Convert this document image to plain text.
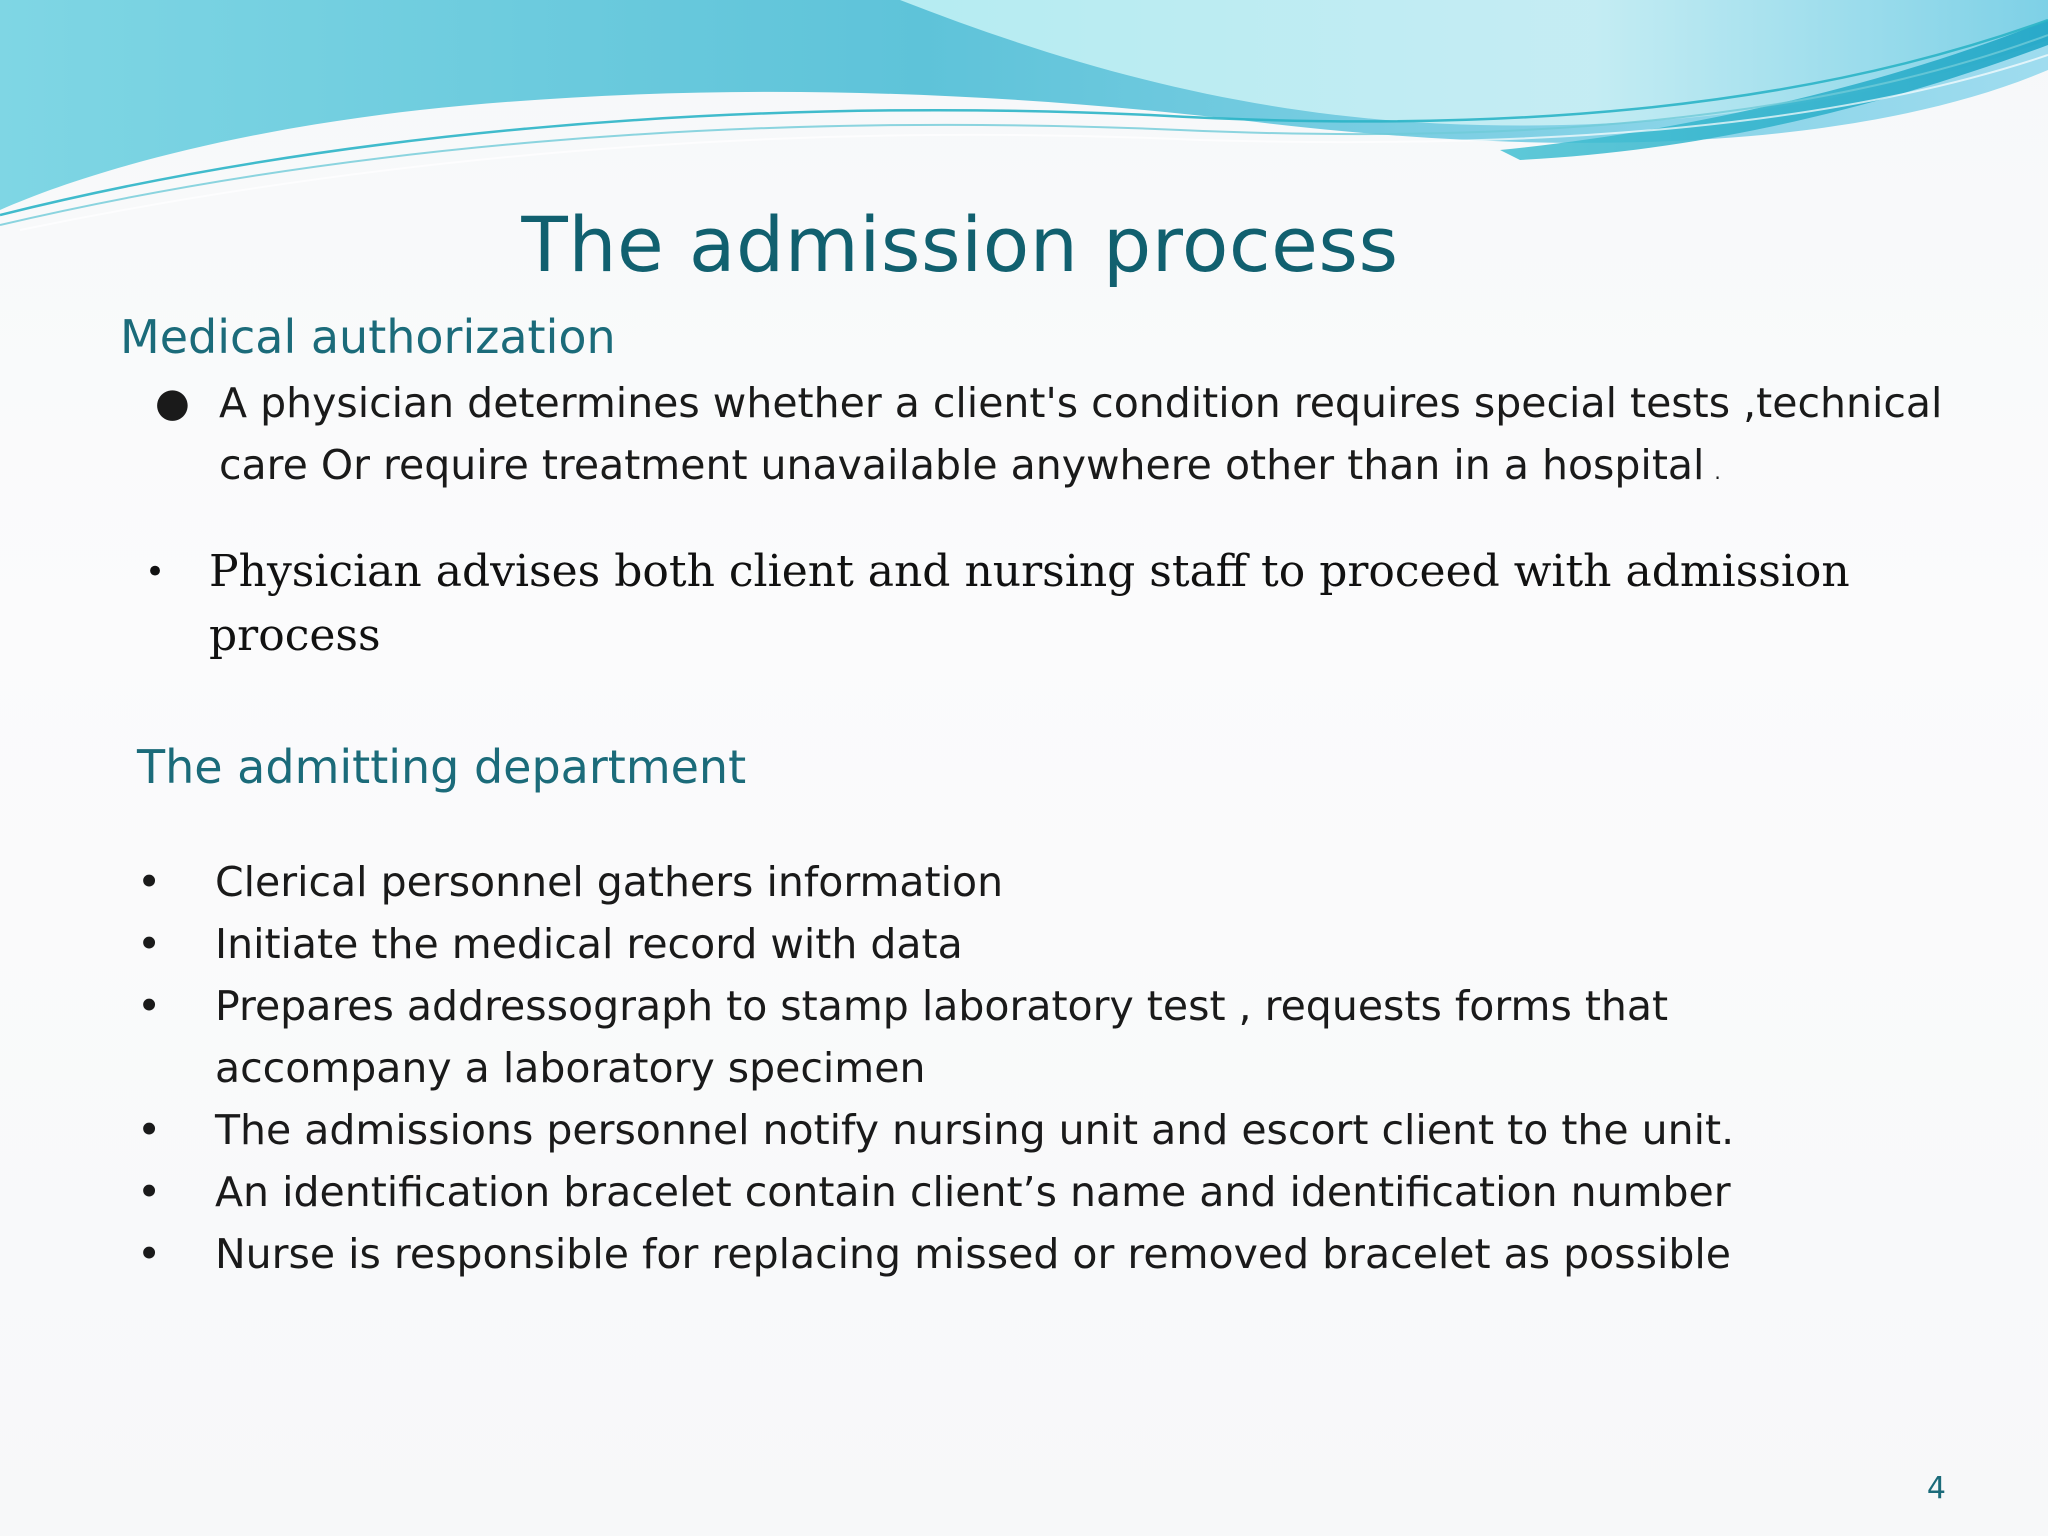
The admission process
Medical authorization
● A physician determines whether a client's condition requires special tests ,technical
care Or require treatment unavailable anywhere other than in a hospital .
• Physician advises both client and nursing staff to proceed with admission
process
The admitting department
•	Clerical personnel gathers information
•	Initiate the medical record with data
•	Prepares addressograph to stamp laboratory test , requests forms that
accompany a laboratory specimen
•	The admissions personnel notify nursing unit and escort client to the unit.
•	An identification bracelet contain client’s name and identification number
•	Nurse is responsible for replacing missed or removed bracelet as possible
4
